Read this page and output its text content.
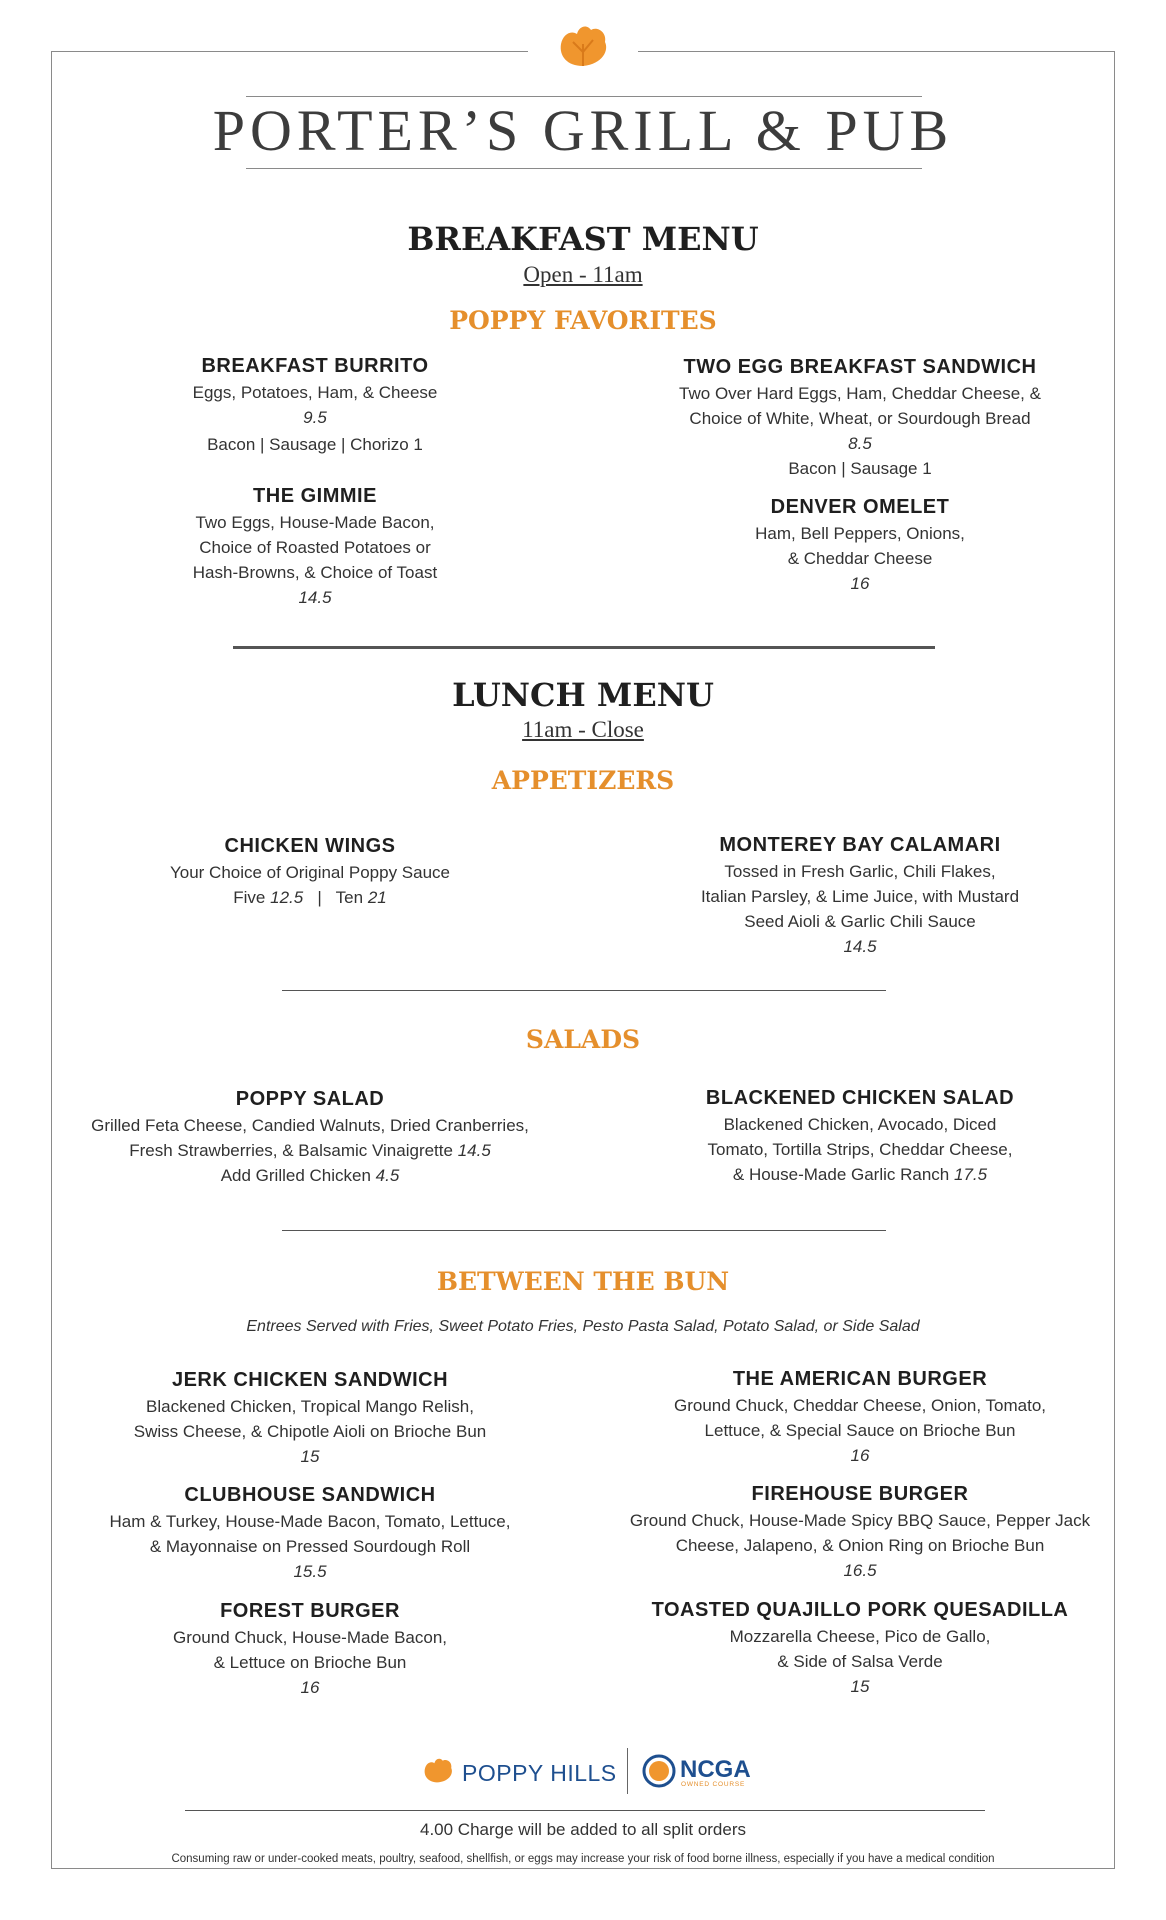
PORTER’S GRILL & PUB
BREAKFAST MENU
Open - 11am
POPPY FAVORITES
BREAKFAST BURRITO
Eggs, Potatoes, Ham, & Cheese
9.5
Bacon | Sausage | Chorizo 1
TWO EGG BREAKFAST SANDWICH
Two Over Hard Eggs, Ham, Cheddar Cheese, &
Choice of White, Wheat, or Sourdough Bread
8.5
Bacon | Sausage 1
THE GIMMIE
Two Eggs, House-Made Bacon,
Choice of Roasted Potatoes or
Hash-Browns, & Choice of Toast
14.5
DENVER OMELET
Ham, Bell Peppers, Onions,
& Cheddar Cheese
16
LUNCH MENU
11am - Close
APPETIZERS
CHICKEN WINGS
Your Choice of Original Poppy Sauce
Five 12.5 | Ten 21
MONTEREY BAY CALAMARI
Tossed in Fresh Garlic, Chili Flakes,
Italian Parsley, & Lime Juice, with Mustard
Seed Aioli & Garlic Chili Sauce
14.5
SALADS
POPPY SALAD
Grilled Feta Cheese, Candied Walnuts, Dried Cranberries,
Fresh Strawberries, & Balsamic Vinaigrette 14.5
Add Grilled Chicken 4.5
BLACKENED CHICKEN SALAD
Blackened Chicken, Avocado, Diced
Tomato, Tortilla Strips, Cheddar Cheese,
& House-Made Garlic Ranch 17.5
BETWEEN THE BUN
Entrees Served with Fries, Sweet Potato Fries, Pesto Pasta Salad, Potato Salad, or Side Salad
JERK CHICKEN SANDWICH
Blackened Chicken, Tropical Mango Relish,
Swiss Cheese, & Chipotle Aioli on Brioche Bun
15
THE AMERICAN BURGER
Ground Chuck, Cheddar Cheese, Onion, Tomato,
Lettuce, & Special Sauce on Brioche Bun
16
CLUBHOUSE SANDWICH
Ham & Turkey, House-Made Bacon, Tomato, Lettuce,
& Mayonnaise on Pressed Sourdough Roll
15.5
FIREHOUSE BURGER
Ground Chuck, House-Made Spicy BBQ Sauce, Pepper Jack
Cheese, Jalapeno, & Onion Ring on Brioche Bun
16.5
FOREST BURGER
Ground Chuck, House-Made Bacon,
& Lettuce on Brioche Bun
16
TOASTED QUAJILLO PORK QUESADILLA
Mozzarella Cheese, Pico de Gallo,
& Side of Salsa Verde
15
POPPY HILLS	NCGA
OWNED COURSE
4.00 Charge will be added to all split orders
Consuming raw or under-cooked meats, poultry, seafood, shellfish, or eggs may increase your risk of food borne illness, especially if you have a medical condition
